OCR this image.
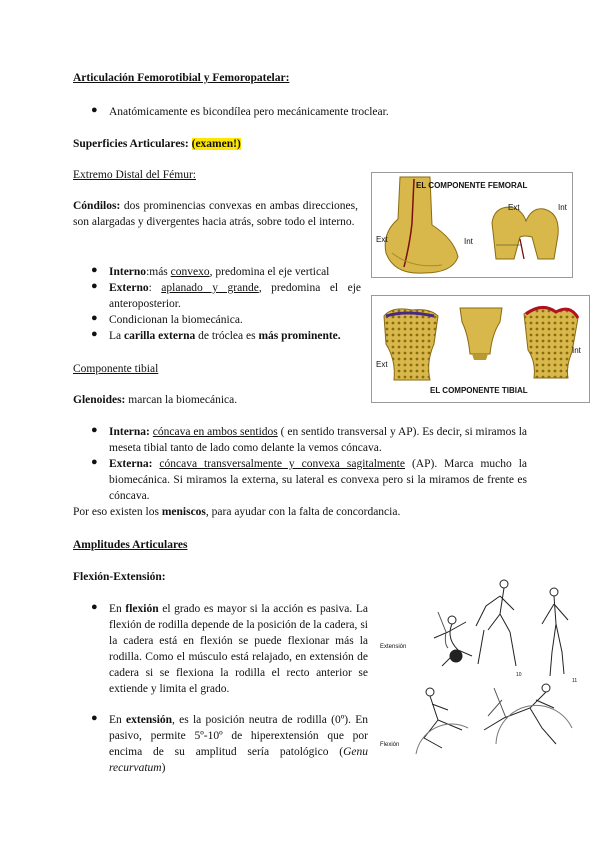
Articulación Femorotibial y Femoropatelar:

● Anatómicamente es bicondílea pero mecánicamente troclear.

Superficies Articulares: (examen!)

Extremo Distal del Fémur:

Cóndilos: dos prominencias convexas en ambas direcciones, son alargadas y divergentes hacia atrás, sobre todo el interno.

● Interno:más convexo, predomina el eje vertical

● Externo: aplanado y grande, predomina el eje anteroposterior.

● Condicionan la biomecánica.

● La carilla externa de tróclea es más prominente.

Componente tibial

Glenoides: marcan la biomecánica.

● Interna: cóncava en ambos sentidos ( en sentido transversal y AP). Es decir, si miramos la meseta tibial tanto de lado como delante la vemos cóncava.

● Externa: cóncava transversalmente y convexa sagitalmente (AP). Marca mucho la biomecánica. Si miramos la externa, su lateral es convexa pero si la miramos de frente es cóncava.

Por eso existen los meniscos, para ayudar con la falta de concordancia.

Amplitudes Articulares

Flexión-Extensión:

● En flexión el grado es mayor si la acción es pasiva. La flexión de rodilla depende de la posición de la cadera, si la cadera está en flexión se puede flexionar más la rodilla. Como el músculo está relajado, en extensión de cadera si se flexiona la rodilla el recto anterior se extiende y limita el grado.

● En extensión, es la posición neutra de rodilla (0º). En pasivo, permite 5º-10º de hiperextensión que por encima de su amplitud sería patológico (Genu recurvatum)

EL COMPONENTE FEMORAL
Ext	Int
Ext	Int
Ext
Int
EL COMPONENTE TIBIAL
Extensión
Flexión
10
11
